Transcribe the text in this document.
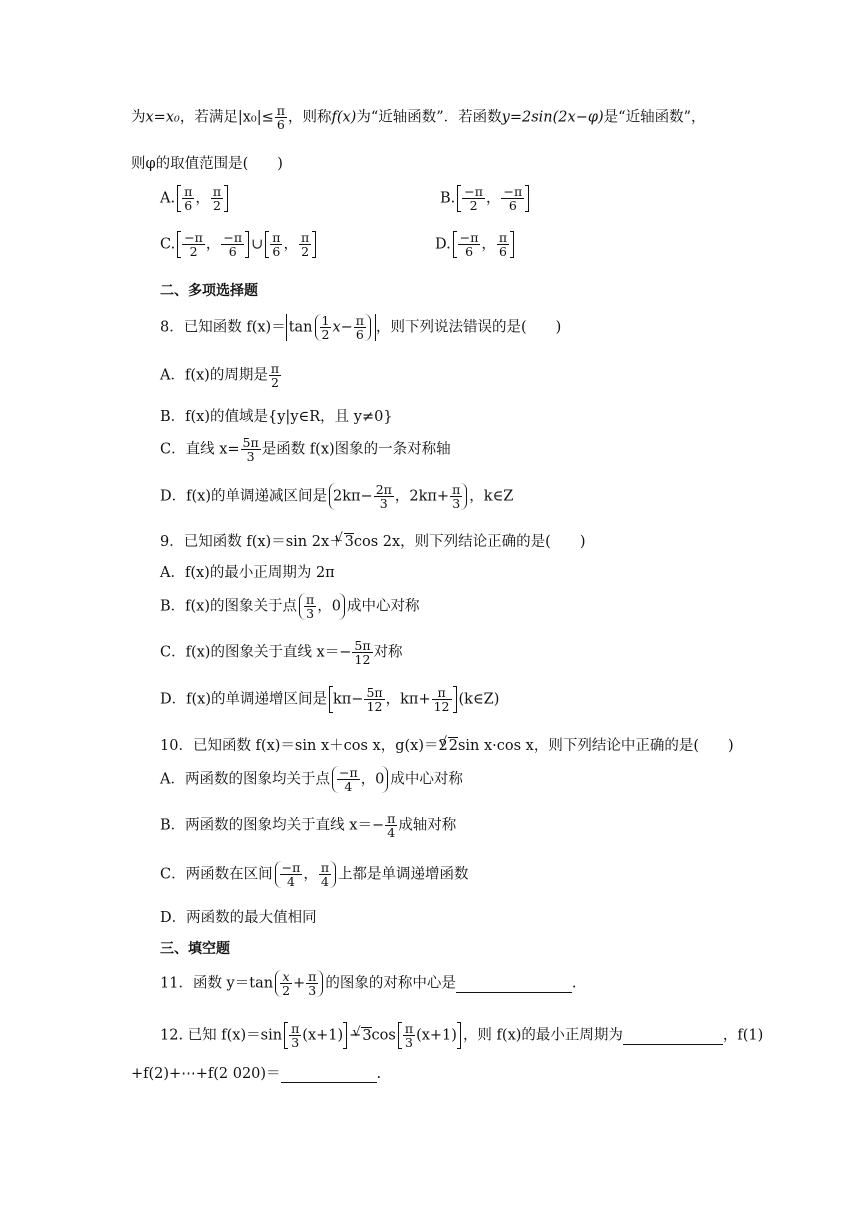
为x=x₀，若满足$|x_0|\le \frac{\pi}{6}$ ，则称f(x)为“近轴函数”．若函数y=2sin(2x−φ)是“近轴函数”，
则φ的取值范围是(　　)
A. $\frac{\pi}{6}$ ， $\frac{\pi}{2}$	B. $\frac{-\pi}{2}$ ， $\frac{-\pi}{6}$
C. $\frac{-\pi}{2}$ ， $\frac{-\pi}{6}$ ∪ $\frac{\pi}{6}$ ， $\frac{\pi}{2}$	D. $\frac{-\pi}{6}$ ， $\frac{\pi}{6}$
二、多项选择题
8．已知函数 $f(x)= \tan \frac{1}{2} x- \frac{\pi}{6}$ ，则下列说法错误的是(　　)
A．f(x)的周期是 $\frac{\pi}{2}$
B．f(x)的值域是{y|y∈R，且 y≠0}
C．直线 $x= \frac{5\pi}{3}$ 是函数 f(x)图象的一条对称轴
D．f(x)的单调递减区间是 $2k\pi- \frac{2\pi}{3}$ ，$2k\pi+ \frac{\pi}{3}$ ，k∈Z
9．已知函数 f(x)＝sin 2x＋√ 3cos 2x，则下列结论正确的是(　　)
A．f(x)的最小正周期为 2π
B．f(x)的图象关于点 $\frac{\pi}{3}$ ，0 成中心对称
C．f(x)的图象关于直线 $x=- \frac{5\pi}{12}$ 对称
D．f(x)的单调递增区间是 $k\pi- \frac{5\pi}{12}$ ，$k\pi+ \frac{\pi}{12}$ (k∈Z)
10．已知函数 f(x)＝sin x＋cos x，g(x)＝2√ 2sin x·cos x，则下列结论中正确的是(　　)
A．两函数的图象均关于点 $\frac{-\pi}{4}$ ，0 成中心对称
B．两函数的图象均关于直线 $x=- \frac{\pi}{4}$ 成轴对称
C．两函数在区间 $\frac{-\pi}{4}$ ， $\frac{\pi}{4}$ 上都是单调递增函数
D．两函数的最大值相同
三、填空题
11．函数 $y=\tan \frac{x}{2} + \frac{\pi}{3}$ 的图象的对称中心是	.
12. 已知 $f(x)=\sin \frac{\pi}{3} (x+1)$ −√ $3\cos \frac{\pi}{3} (x+1)$ ，则 f(x)的最小正周期为	，f(1)
+f(2)+⋯+f(2 020)＝	.
